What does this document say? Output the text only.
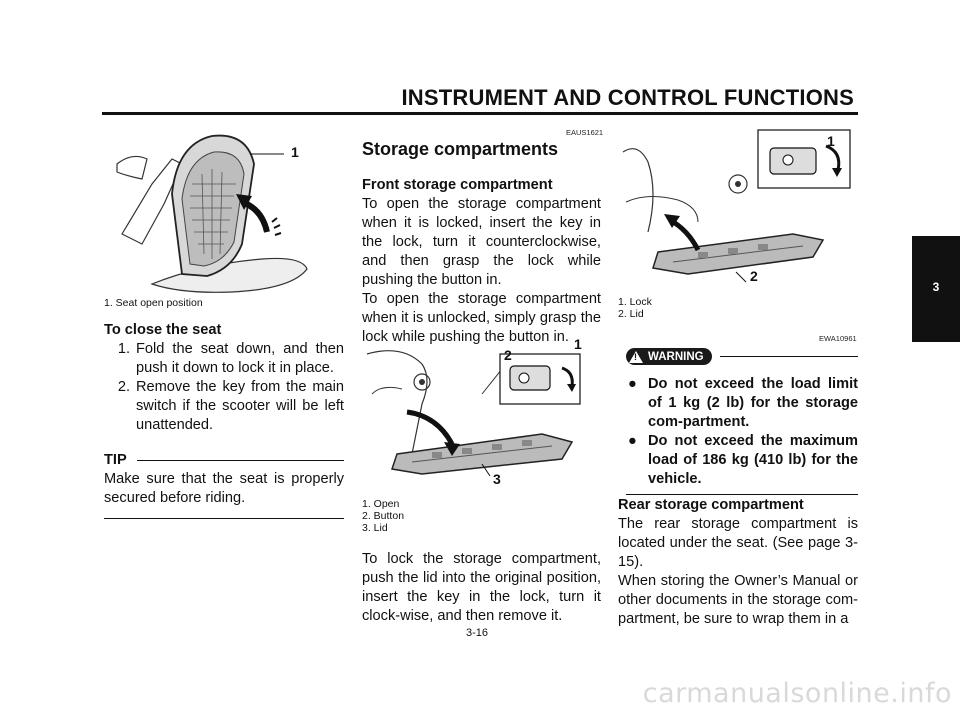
INSTRUMENT AND CONTROL FUNCTIONS
3
1
1. Seat open position

To close the seat

1. Fold the seat down, and then push it down to lock it in place.
2. Remove the key from the main switch if the scooter will be left unattended.
TIP

Make sure that the seat is properly secured before riding.

EAUS1621
Storage compartments

Front storage compartment

To open the storage compartment when it is locked, insert the key in the lock, turn it counterclockwise, and then grasp the lock while pushing the button in.

To open the storage compartment when it is unlocked, simply grasp the lock while pushing the button in. 1
2
3
1. Open
2. Button
3. Lid

To lock the storage compartment, push the lid into the original position, insert the key in the lock, turn it clock-wise, and then remove it.

1
2
1. Lock
2. Lid
EWA10961
! WARNING
● Do not exceed the load limit of 1 kg (2 lb) for the storage com-partment.
● Do not exceed the maximum load of 186 kg (410 lb) for the vehicle.

Rear storage compartment

The rear storage compartment is located under the seat. (See page 3-15).

When storing the Owner’s Manual or other documents in the storage com-partment, be sure to wrap them in a

3-16
carmanualsonline.info
